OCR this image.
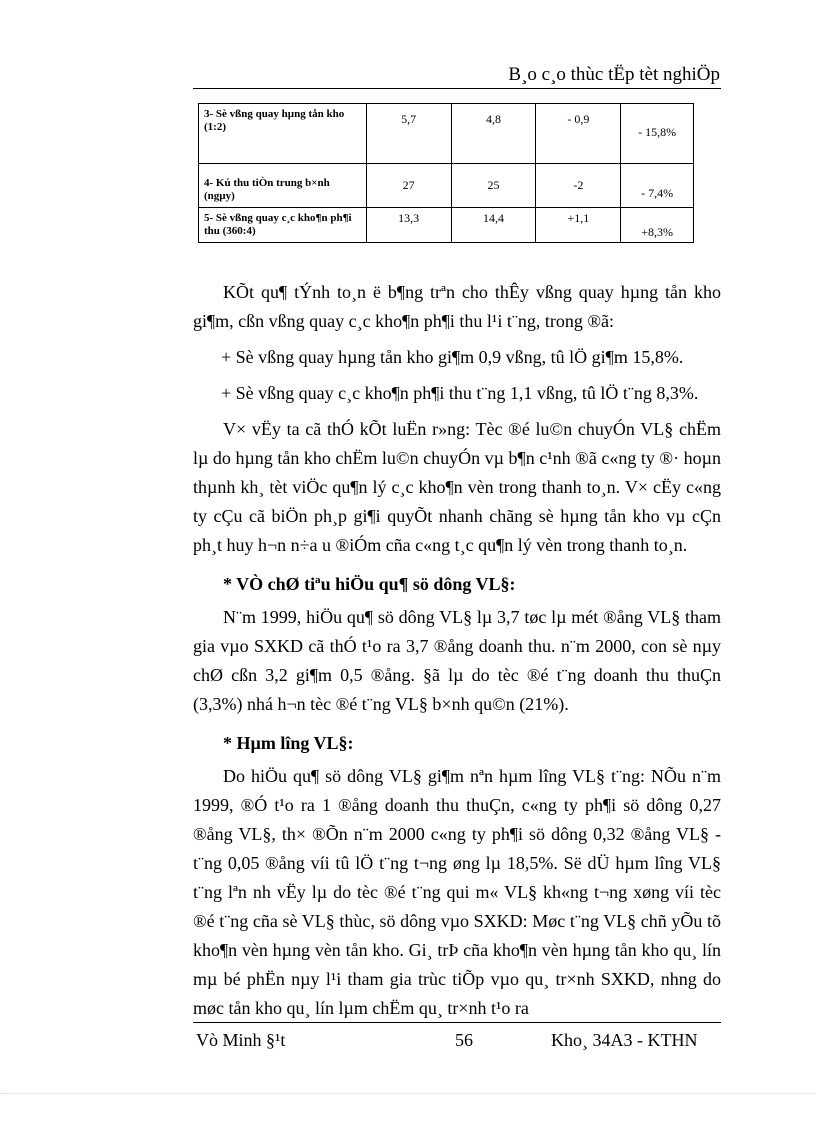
B¸o c¸o thùc tËp tèt nghiÖp
3- Sè vßng quay hµng tån kho (1:2)	5,7	4,8	- 0,9	- 15,8%
4- Kú thu tiÒn trung b×nh (ngµy)	27	25	-2	- 7,4%
5- Sè vßng quay c¸c kho¶n ph¶i thu (360:4)	13,3	14,4	+1,1	+8,3%

KÕt qu¶ tÝnh to¸n ë b¶ng trªn cho thÊy vßng quay hµng tån kho gi¶m, cßn vßng quay c¸c kho¶n ph¶i thu l¹i t¨ng, trong ®ã:

+ Sè vßng quay hµng tån kho gi¶m 0,9 vßng, tû lÖ gi¶m 15,8%.

+ Sè vßng quay c¸c kho¶n ph¶i thu t¨ng 1,1 vßng, tû lÖ t¨ng 8,3%.

V× vËy ta cã thÓ kÕt luËn r»ng: Tèc ®é lu©n chuyÓn VL§ chËm lµ do hµng tån kho chËm lu©n chuyÓn vµ b¶n c¹nh ®ã c«ng ty ®· hoµn thµnh kh¸ tèt viÖc qu¶n lý c¸c kho¶n vèn trong thanh to¸n. V× cËy c«ng ty cÇu cã biÖn ph¸p gi¶i quyÕt nhanh chãng sè hµng tån kho vµ cÇn ph¸t huy h¬n n÷a u ®iÓm cña c«ng t¸c qu¶n lý vèn trong thanh to¸n.

* VÒ chØ tiªu hiÖu qu¶ sö dông VL§:

N¨m 1999, hiÖu qu¶ sö dông VL§ lµ 3,7 tøc lµ mét ®ång VL§ tham gia vµo SXKD cã thÓ t¹o ra 3,7 ®ång doanh thu. n¨m 2000, con sè nµy chØ cßn 3,2 gi¶m 0,5 ®ång. §ã lµ do tèc ®é t¨ng doanh thu thuÇn (3,3%) nhá h¬n tèc ®é t¨ng VL§ b×nh qu©n (21%).

* Hµm lîng VL§:

Do hiÖu qu¶ sö dông VL§ gi¶m nªn hµm lîng VL§ t¨ng: NÕu n¨m 1999, ®Ó t¹o ra 1 ®ång doanh thu thuÇn, c«ng ty ph¶i sö dông 0,27 ®ång VL§, th× ®Õn n¨m 2000 c«ng ty ph¶i sö dông 0,32 ®ång VL§ - t¨ng 0,05 ®ång víi tû lÖ t¨ng t¬ng øng lµ 18,5%. Së dÜ hµm lîng VL§ t¨ng lªn nh vËy lµ do tèc ®é t¨ng qui m« VL§ kh«ng t¬ng xøng víi tèc ®é t¨ng cña sè VL§ thùc, sö dông vµo SXKD: Møc t¨ng VL§ chñ yÕu tõ kho¶n vèn hµng vèn tån kho. Gi¸ trÞ cña kho¶n vèn hµng tån kho qu¸ lín mµ bé phËn nµy l¹i tham gia trùc tiÕp vµo qu¸ tr×nh SXKD, nhng do møc tån kho qu¸ lín lµm chËm qu¸ tr×nh t¹o ra

Vò Minh §¹t	56	Kho¸ 34A3 - KTHN
